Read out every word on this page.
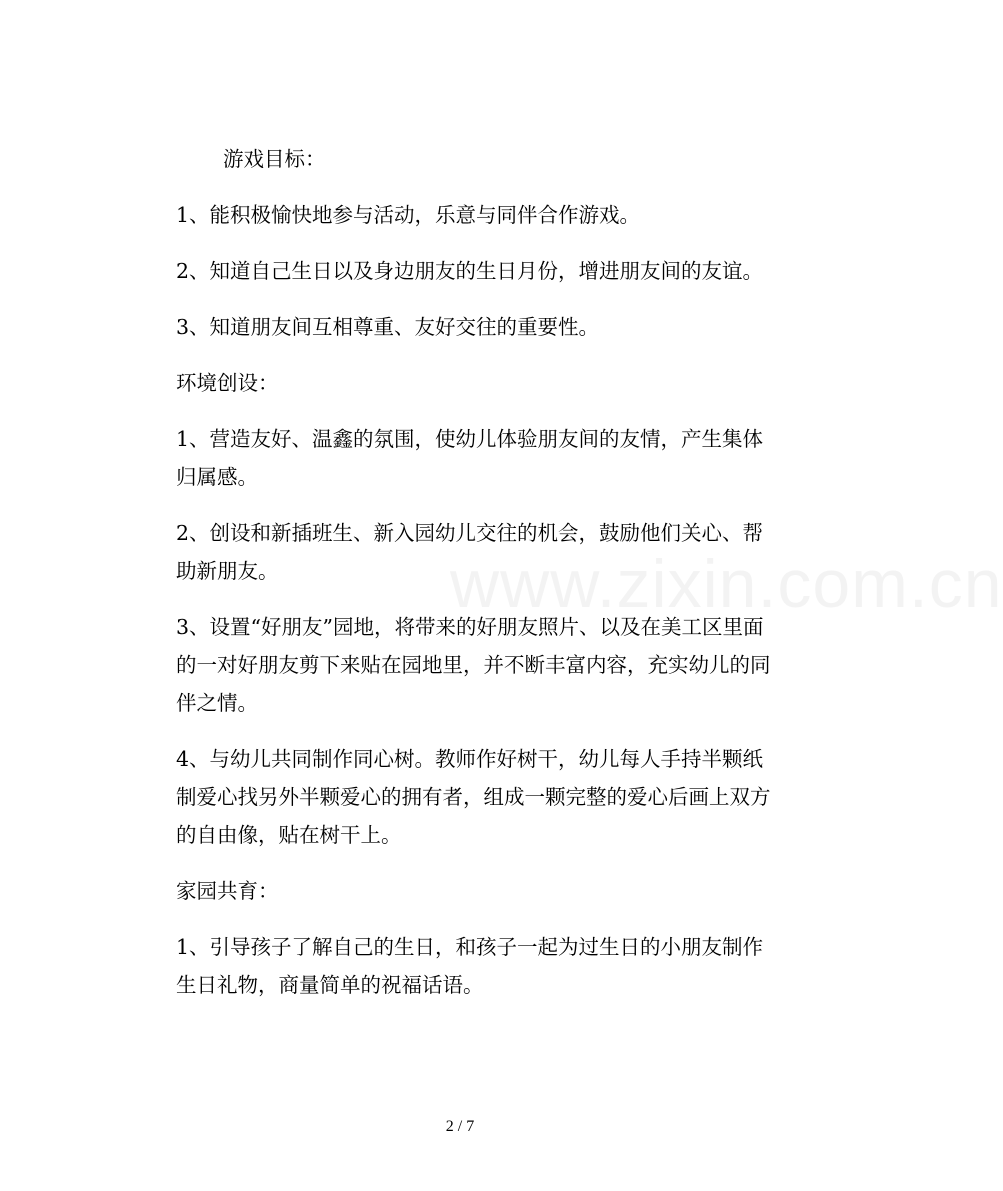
www.zixin.com.cn

游戏目标：

1、能积极愉快地参与活动，乐意与同伴合作游戏。

2、知道自己生日以及身边朋友的生日月份，增进朋友间的友谊。

3、知道朋友间互相尊重、友好交往的重要性。

环境创设：

1、营造友好、温鑫的氛围，使幼儿体验朋友间的友情，产生集体归属感。

2、创设和新插班生、新入园幼儿交往的机会，鼓励他们关心、帮助新朋友。

3、设置“好朋友”园地，将带来的好朋友照片、以及在美工区里面的一对好朋友剪下来贴在园地里，并不断丰富内容，充实幼儿的同伴之情。

4、与幼儿共同制作同心树。教师作好树干，幼儿每人手持半颗纸制爱心找另外半颗爱心的拥有者，组成一颗完整的爱心后画上双方的自由像，贴在树干上。

家园共育：

1、引导孩子了解自己的生日，和孩子一起为过生日的小朋友制作生日礼物，商量简单的祝福话语。

2 / 7
